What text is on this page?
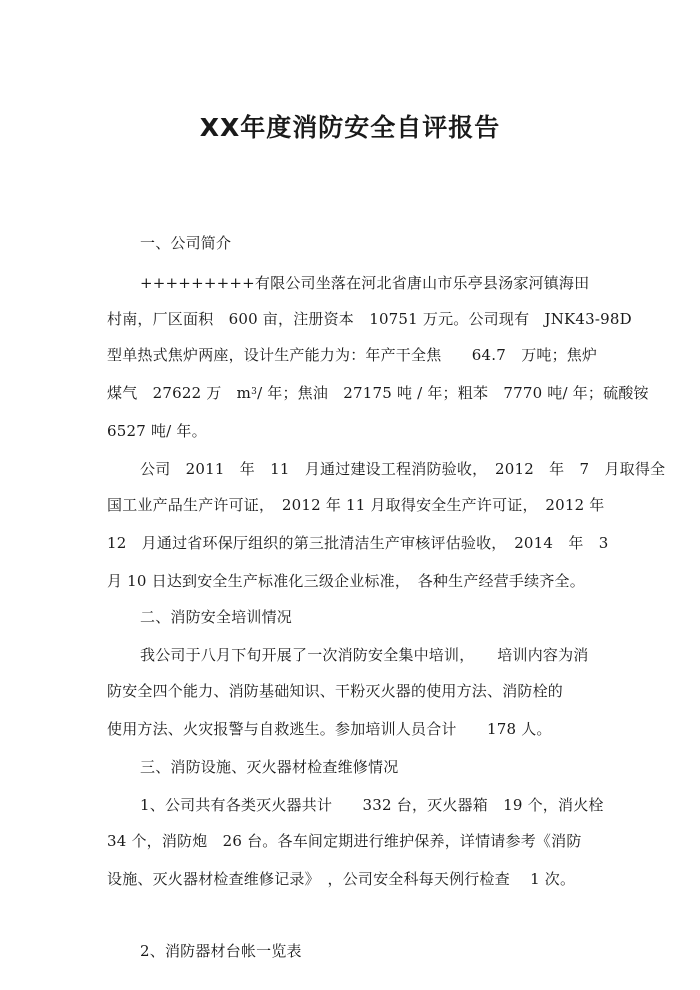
XX年度消防安全自评报告
一、公司简介
+++++++++有限公司坐落在河北省唐山市乐亭县汤家河镇海田
村南，厂区面积　600 亩，注册资本　10751 万元。公司现有　JNK43-98D
型单热式焦炉两座，设计生产能力为：年产干全焦　　64.7　万吨；焦炉
煤气　27622 万　$m^3/$ 年；焦油　27175 吨 / 年；粗苯　7770 吨/ 年；硫酸铵
6527 吨/ 年。
公司　2011　年　11　月通过建设工程消防验收，　2012　年　7　月取得全
国工业产品生产许可证，　2012 年 11 月取得安全生产许可证，　2012 年
12　月通过省环保厅组织的第三批清洁生产审核评估验收，　2014　年　3
月 10 日达到安全生产标准化三级企业标准，　各种生产经营手续齐全。
二、消防安全培训情况
我公司于八月下旬开展了一次消防安全集中培训，　　培训内容为消
防安全四个能力、消防基础知识、干粉灭火器的使用方法、消防栓的
使用方法、火灾报警与自救逃生。参加培训人员合计　　178 人。
三、消防设施、灭火器材检查维修情况
1、公司共有各类灭火器共计　　332 台，灭火器箱　19 个，消火栓
34 个，消防炮　26 台。各车间定期进行维护保养，详情请参考《消防
设施、灭火器材检查维修记录》　，公司安全科每天例行检查　 1 次。
2、消防器材台帐一览表
